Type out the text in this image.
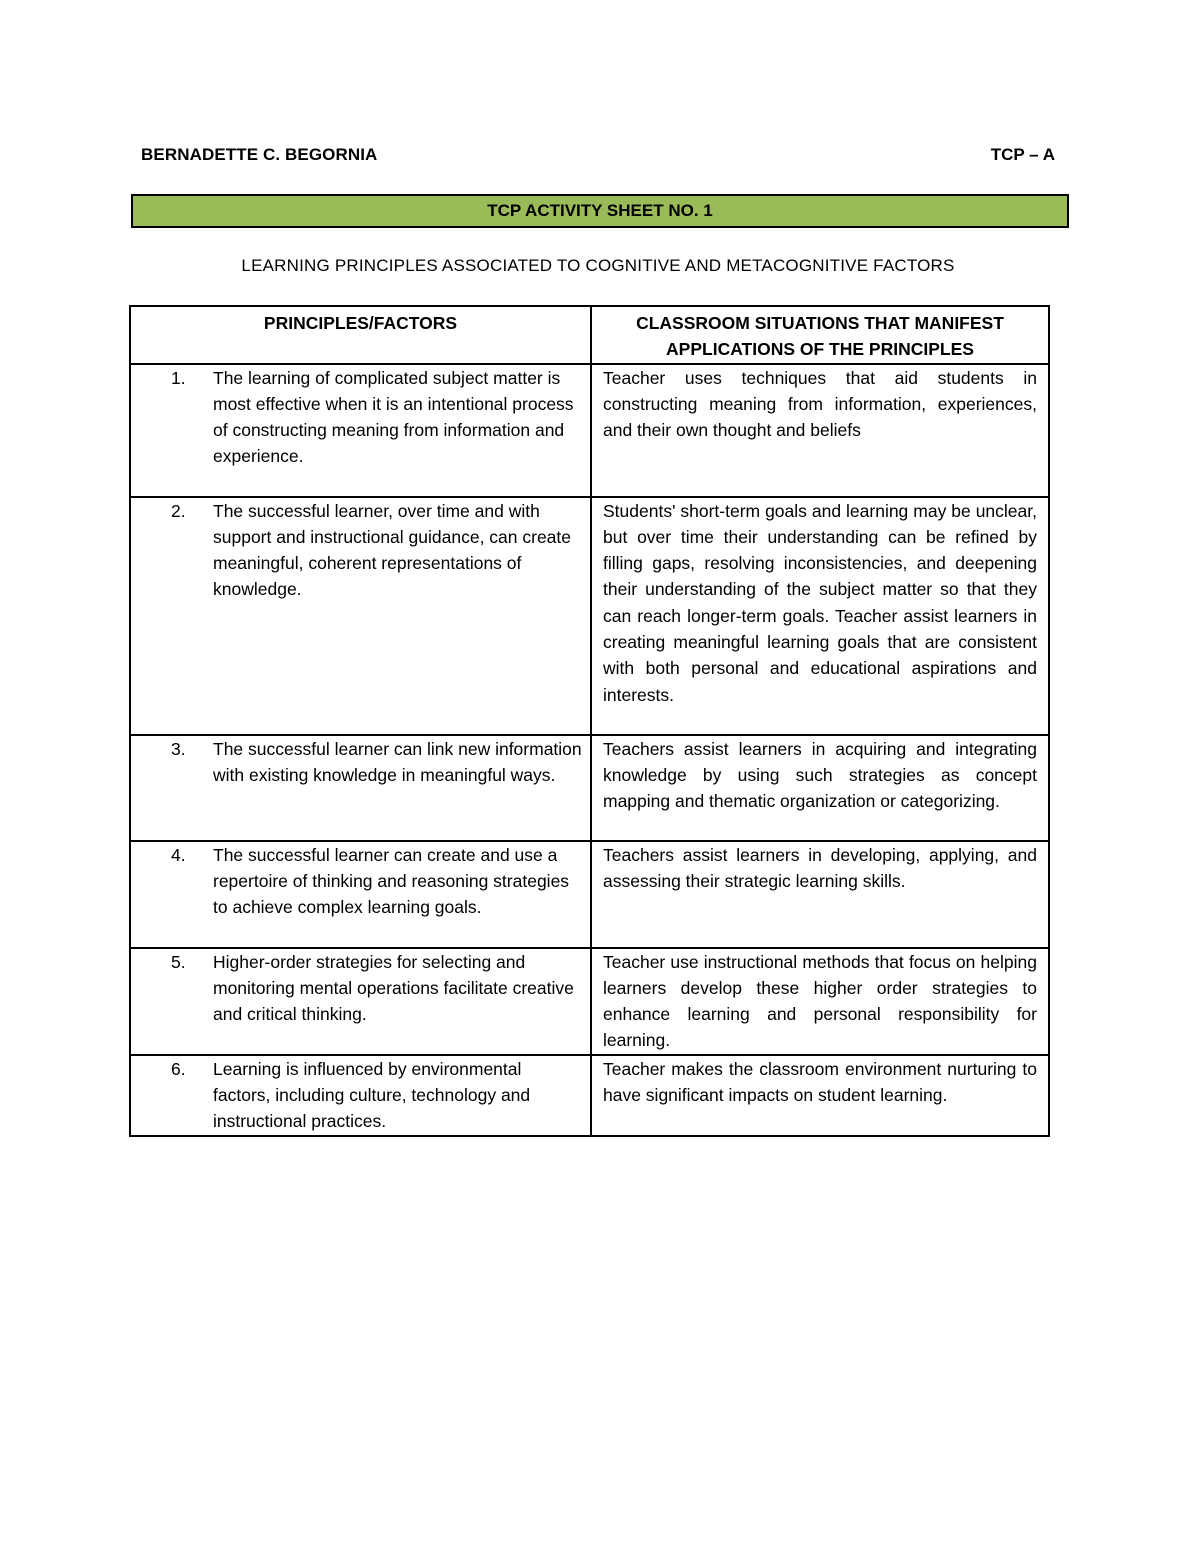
BERNADETTE C. BEGORNIA	TCP – A
TCP ACTIVITY SHEET NO. 1
LEARNING PRINCIPLES ASSOCIATED TO COGNITIVE AND METACOGNITIVE FACTORS
PRINCIPLES/FACTORS	CLASSROOM SITUATIONS THAT MANIFEST APPLICATIONS OF THE PRINCIPLES

1. The learning of complicated subject matter is most effective when it is an intentional process of constructing meaning from information and experience.	Teacher uses techniques that aid students in constructing meaning from information, experiences, and their own thought and beliefs

2. The successful learner, over time and with support and instructional guidance, can create meaningful, coherent representations of knowledge.	Students' short-term goals and learning may be unclear, but over time their understanding can be refined by filling gaps, resolving inconsistencies, and deepening their understanding of the subject matter so that they can reach longer-term goals. Teacher assist learners in creating meaningful learning goals that are consistent with both personal and educational aspirations and interests.

3. The successful learner can link new information with existing knowledge in meaningful ways.	Teachers assist learners in acquiring and integrating knowledge by using such strategies as concept mapping and thematic organization or categorizing.

4. The successful learner can create and use a repertoire of thinking and reasoning strategies to achieve complex learning goals.	Teachers assist learners in developing, applying, and assessing their strategic learning skills.

5. Higher-order strategies for selecting and monitoring mental operations facilitate creative and critical thinking.	Teacher use instructional methods that focus on helping learners develop these higher order strategies to enhance learning and personal responsibility for learning.

6. Learning is influenced by environmental factors, including culture, technology and instructional practices.	Teacher makes the classroom environment nurturing to have significant impacts on student learning.
